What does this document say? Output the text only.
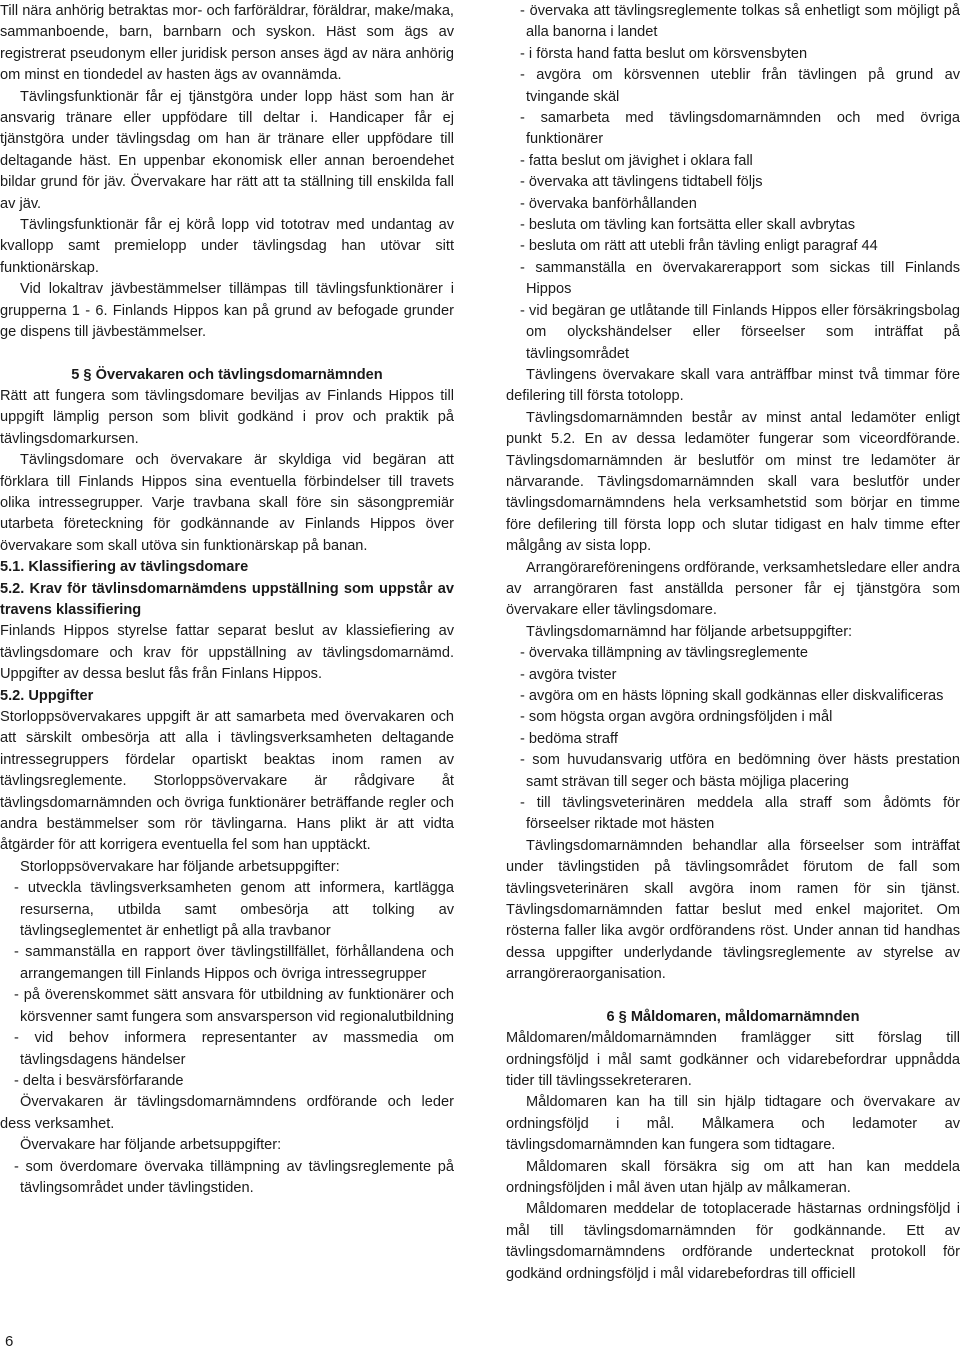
Till nära anhörig betraktas mor- och farföräldrar, föräldrar, make/maka, sammanboende, barn, barnbarn och syskon. Häst som ägs av registrerat pseudonym eller juridisk person anses ägd av nära anhörig om minst en tiondedel av hasten ägs av ovannämda.

Tävlingsfunktionär får ej tjänstgöra under lopp häst som han är ansvarig tränare eller uppfödare till deltar i. Handicaper får ej tjänstgöra under tävlingsdag om han är tränare eller uppfödare till deltagande häst. En uppenbar ekonomisk eller annan beroendehet bildar grund för jäv. Övervakare har rätt att ta ställning till enskilda fall av jäv.

Tävlingsfunktionär får ej körå lopp vid tototrav med undantag av kvallopp samt premielopp under tävlingsdag han utövar sitt funktionärskap.

Vid lokaltrav jävbestämmelser tillämpas till tävlingsfunktionärer i grupperna 1 - 6. Finlands Hippos kan på grund av befogade grunder ge dispens till jävbestämmelser.

5 § Övervakaren och tävlingsdomarnämnden

Rätt att fungera som tävlingsdomare beviljas av Finlands Hippos till uppgift lämplig person som blivit godkänd i prov och praktik på tävlingsdomarkursen.

Tävlingsdomare och övervakare är skyldiga vid begäran att förklara till Finlands Hippos sina eventuella förbindelser till travets olika intressegrupper. Varje travbana skall före sin säsongpremiär utarbeta företeckning för godkännande av Finlands Hippos över övervakare som skall utöva sin funktionärskap på banan.

5.1. Klassifiering av tävlingsdomare

5.2. Krav för tävlinsdomarnämdens uppställning som uppstår av travens klassifiering

Finlands Hippos styrelse fattar separat beslut av klassiefiering av tävlingsdomare och krav för uppställning av tävlingsdomarnämd. Uppgifter av dessa beslut fås från Finlans Hippos.

5.2. Uppgifter

Storloppsövervakares uppgift är att samarbeta med övervakaren och att särskilt ombesörja att alla i tävlingsverksamheten deltagande intressegruppers fördelar opartiskt beaktas inom ramen av tävlingsreglemente. Storloppsövervakare är rådgivare åt tävlingsdomarnämnden och övriga funktionärer beträffande regler och andra bestämmelser som rör tävlingarna. Hans plikt är att vidta åtgärder för att korrigera eventuella fel som han upptäckt.

Storloppsövervakare har följande arbetsuppgifter:

- utveckla tävlingsverksamheten genom att informera, kartlägga resurserna, utbilda samt ombesörja att tolking av tävlingseglementet är enhetligt på alla travbanor

- sammanställa en rapport över tävlingstillfället, förhållandena och arrangemangen till Finlands Hippos och övriga intressegrupper

- på överenskommet sätt ansvara för utbildning av funktionärer och körsvenner samt fungera som ansvarsperson vid regionalutbildning

- vid behov informera representanter av massmedia om tävlingsdagens händelser

- delta i besvärsförfarande

Övervakaren är tävlingsdomarnämndens ordförande och leder dess verksamhet.

Övervakare har följande arbetsuppgifter:

- som överdomare övervaka tillämpning av tävlingsreglemente på tävlingsområdet under tävlingstiden.

- övervaka att tävlingsreglemente tolkas så enhetligt som möjligt på alla banorna i landet

- i första hand fatta beslut om körsvensbyten

- avgöra om körsvennen uteblir från tävlingen på grund av tvingande skäl

- samarbeta med tävlingsdomarnämnden och med övriga funktionärer

- fatta beslut om jävighet i oklara fall

- övervaka att tävlingens tidtabell följs

- övervaka banförhållanden

- besluta om tävling kan fortsätta eller skall avbrytas

- besluta om rätt att utebli från tävling enligt paragraf 44

- sammanställa en övervakarerapport som sickas till Finlands Hippos

- vid begäran ge utlåtande till Finlands Hippos eller försäkringsbolag om olyckshändelser eller förseelser som inträffat på tävlingsområdet

Tävlingens övervakare skall vara anträffbar minst två timmar före defilering till första totolopp.

Tävlingsdomarnämnden består av minst antal ledamöter enligt punkt 5.2. En av dessa ledamöter fungerar som viceordförande. Tävlingsdomarnämnden är beslutför om minst tre ledamöter är närvarande. Tävlingsdomarnämnden skall vara beslutför under tävlingsdomarnämndens hela verksamhetstid som börjar en timme före defilering till första lopp och slutar tidigast en halv timme efter målgång av sista lopp.

Arrangörareföreningens ordförande, verksamhetsledare eller andra av arrangöraren fast anställda personer får ej tjänstgöra som övervakare eller tävlingsdomare.

Tävlingsdomarnämnd har följande arbetsuppgifter:

- övervaka tillämpning av tävlingsreglemente

- avgöra tvister

- avgöra om en hästs löpning skall godkännas eller diskvalificeras

- som högsta organ avgöra ordningsföljden i mål

- bedöma straff

- som huvudansvarig utföra en bedömning över hästs prestation samt strävan till seger och bästa möjliga placering

- till tävlingsveterinären meddela alla straff som ådömts för förseelser riktade mot hästen

Tävlingsdomarnämnden behandlar alla förseelser som inträffat under tävlingstiden på tävlingsområdet förutom de fall som tävlingsveterinären skall avgöra inom ramen för sin tjänst. Tävlingsdomarnämnden fattar beslut med enkel majoritet. Om rösterna faller lika avgör ordförandens röst. Under annan tid handhas dessa uppgifter underlydande tävlingsreglemente av styrelse av arrangöreraorganisation.

6 § Måldomaren, måldomarnämnden

Måldomaren/måldomarnämnden framlägger sitt förslag till ordningsföljd i mål samt godkänner och vidarebefordrar uppnådda tider till tävlingssekreteraren.

Måldomaren kan ha till sin hjälp tidtagare och övervakare av ordningsföljd i mål. Målkamera och ledamoter av tävlingsdomarnämnden kan fungera som tidtagare.

Måldomaren skall försäkra sig om att han kan meddela ordningsföljden i mål även utan hjälp av målkameran.

Måldomaren meddelar de totoplacerade hästarnas ordningsföljd i mål till tävlingsdomarnämnden för godkännande. Ett av tävlingsdomarnämndens ordförande undertecknat protokoll för godkänd ordningsföljd i mål vidarebefordras till officiell

6
